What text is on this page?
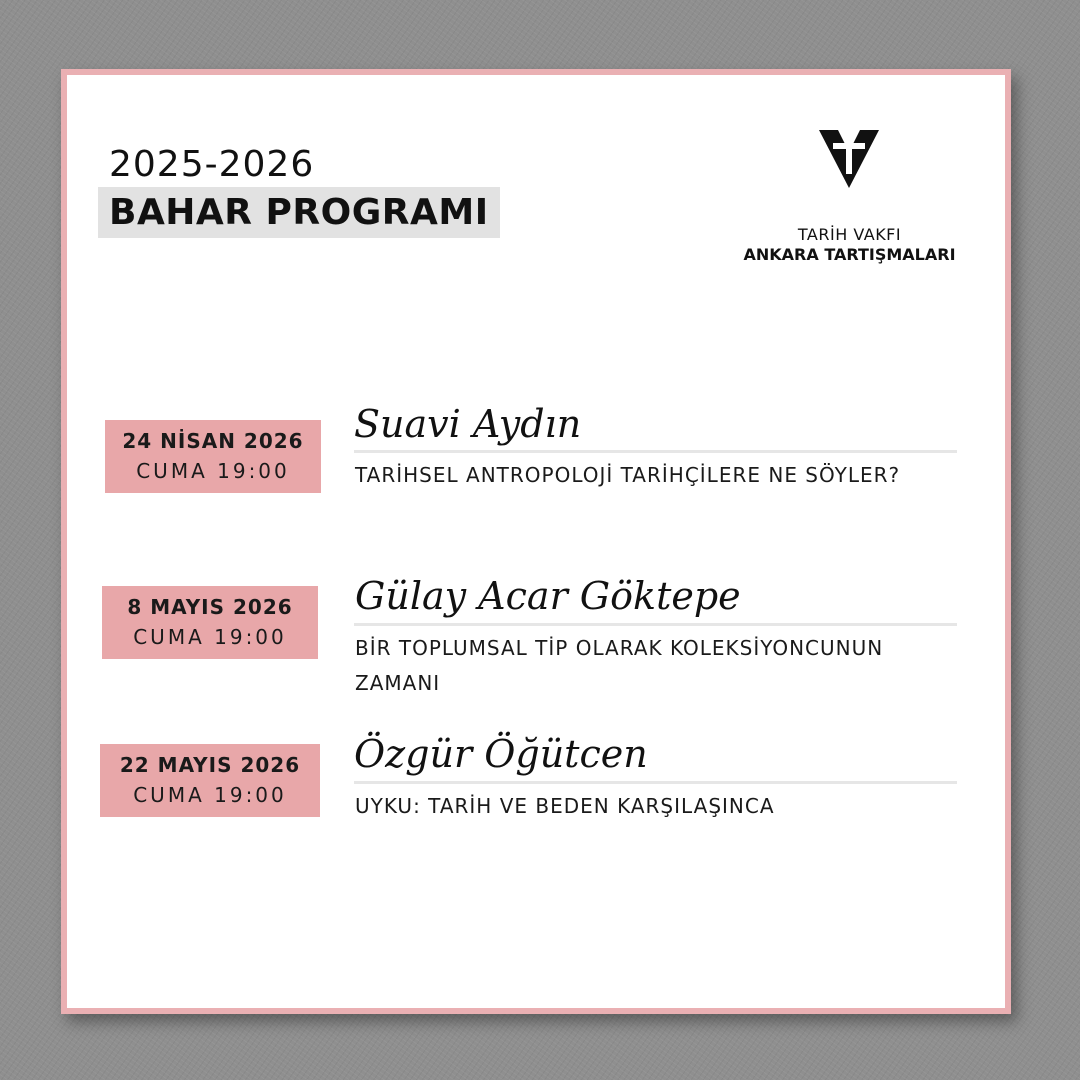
2025-2026
BAHAR PROGRAMI
TARİH VAKFI
ANKARA TARTIŞMALARI
24 NİSAN 2026
CUMA 19:00
Suavi Aydın
TARİHSEL ANTROPOLOJİ TARİHÇİLERE NE SÖYLER?
8 MAYIS 2026
CUMA 19:00
Gülay Acar Göktepe
BİR TOPLUMSAL TİP OLARAK KOLEKSİYONCUNUN ZAMANI
22 MAYIS 2026
CUMA 19:00
Özgür Öğütcen
UYKU: TARİH VE BEDEN KARŞILAŞINCA
